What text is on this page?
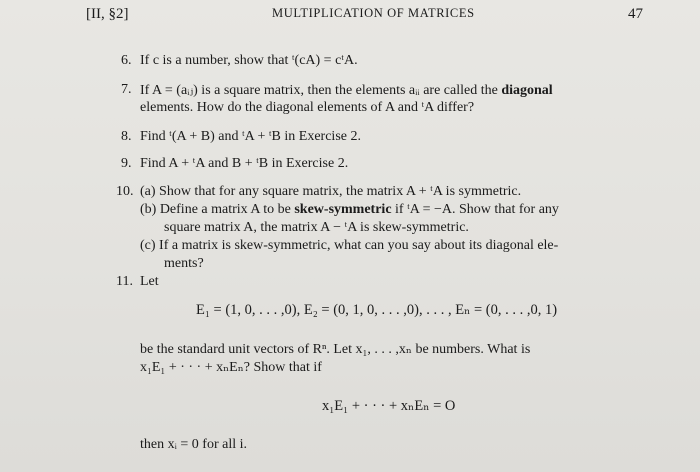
[II, §2]	MULTIPLICATION OF MATRICES	47
6. If c is a number, show that ᵗ(cA) = cᵗA.
7. If A = (aᵢⱼ) is a square matrix, then the elements aᵢᵢ are called the diagonal
elements. How do the diagonal elements of A and ᵗA differ?
8. Find ᵗ(A + B) and ᵗA + ᵗB in Exercise 2.
9. Find A + ᵗA and B + ᵗB in Exercise 2.
10. (a) Show that for any square matrix, the matrix A + ᵗA is symmetric.
(b) Define a matrix A to be skew-symmetric if ᵗA = −A. Show that for any
square matrix A, the matrix A − ᵗA is skew-symmetric.
(c) If a matrix is skew-symmetric, what can you say about its diagonal ele-
ments?
11. Let
E₁ = (1, 0, . . . ,0), E₂ = (0, 1, 0, . . . ,0), . . . , Eₙ = (0, . . . ,0, 1)
be the standard unit vectors of Rⁿ. Let x₁, . . . ,xₙ be numbers. What is
x₁E₁ + · · · + xₙEₙ? Show that if
x₁E₁ + · · · + xₙEₙ = O
then xᵢ = 0 for all i.
